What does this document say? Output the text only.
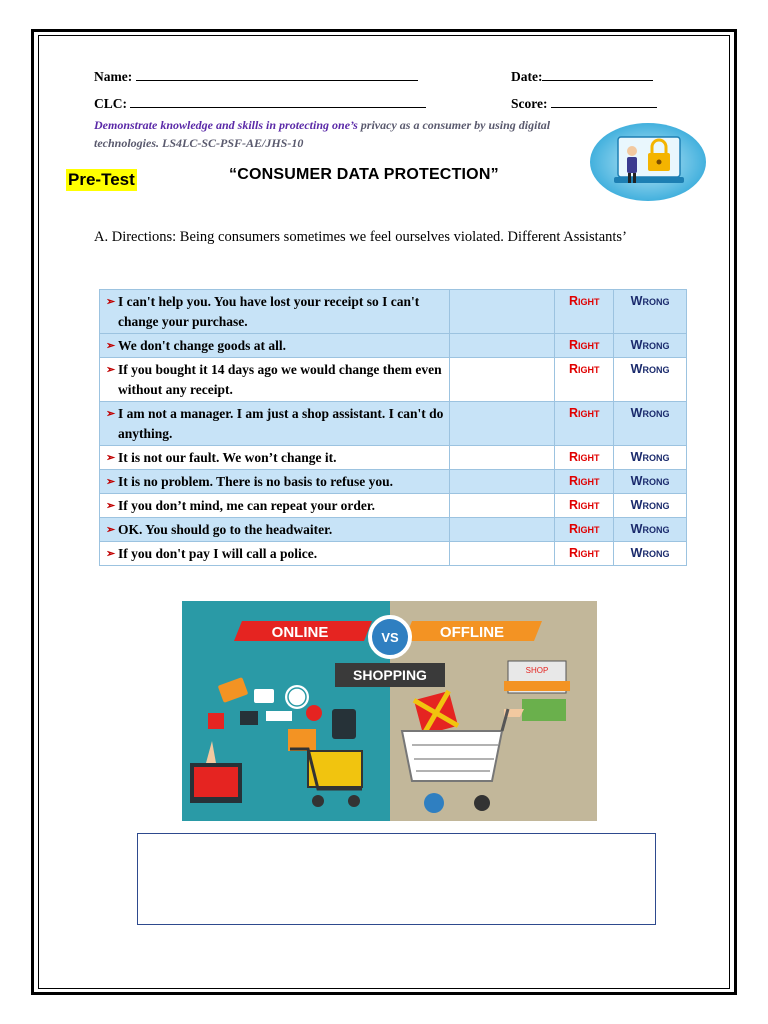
Name:	Date:
CLC:	Score:
Demonstrate knowledge and skills in protecting one’s privacy as a consumer by using digital technologies. LS4LC-SC-PSF-AE/JHS-10
Pre-Test	“CONSUMER DATA PROTECTION”
A. Directions: Being consumers sometimes we feel ourselves violated. Different Assistants’
➢ I can't help you. You have lost your receipt so I can't change your purchase.		Right	Wrong

➢ We don't change goods at all.		Right	Wrong

➢ If you bought it 14 days ago we would change them even without any receipt.		Right	Wrong

➢ I am not a manager. I am just a shop assistant. I can't do anything.		Right	Wrong

➢ It is not our fault. We won’t change it.		Right	Wrong

➢ It is no problem. There is no basis to refuse you.		Right	Wrong

➢ If you don’t mind, me can repeat your order.		Right	Wrong

➢ OK. You should go to the headwaiter.		Right	Wrong

➢ If you don't pay I will call a police.		Right	Wrong
ONLINE	OFFLINE
VS
SHOPPING	SHOP
